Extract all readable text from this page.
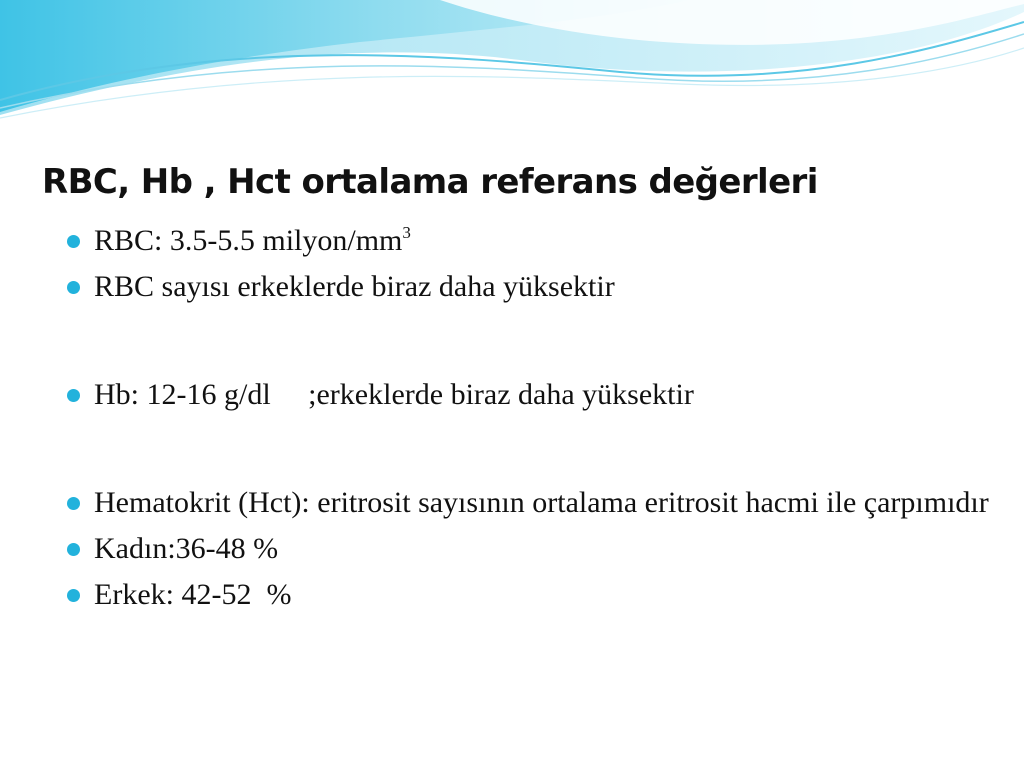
RBC, Hb , Hct ortalama referans değerleri
RBC: 3.5-5.5 milyon/$mm^3$
RBC sayısı erkeklerde biraz daha yüksektir
Hb: 12-16 g/dl     ;erkeklerde biraz daha yüksektir
Hematokrit (Hct): eritrosit sayısının ortalama eritrosit hacmi ile çarpımıdır
Kadın:36-48 %
Erkek: 42-52  %
